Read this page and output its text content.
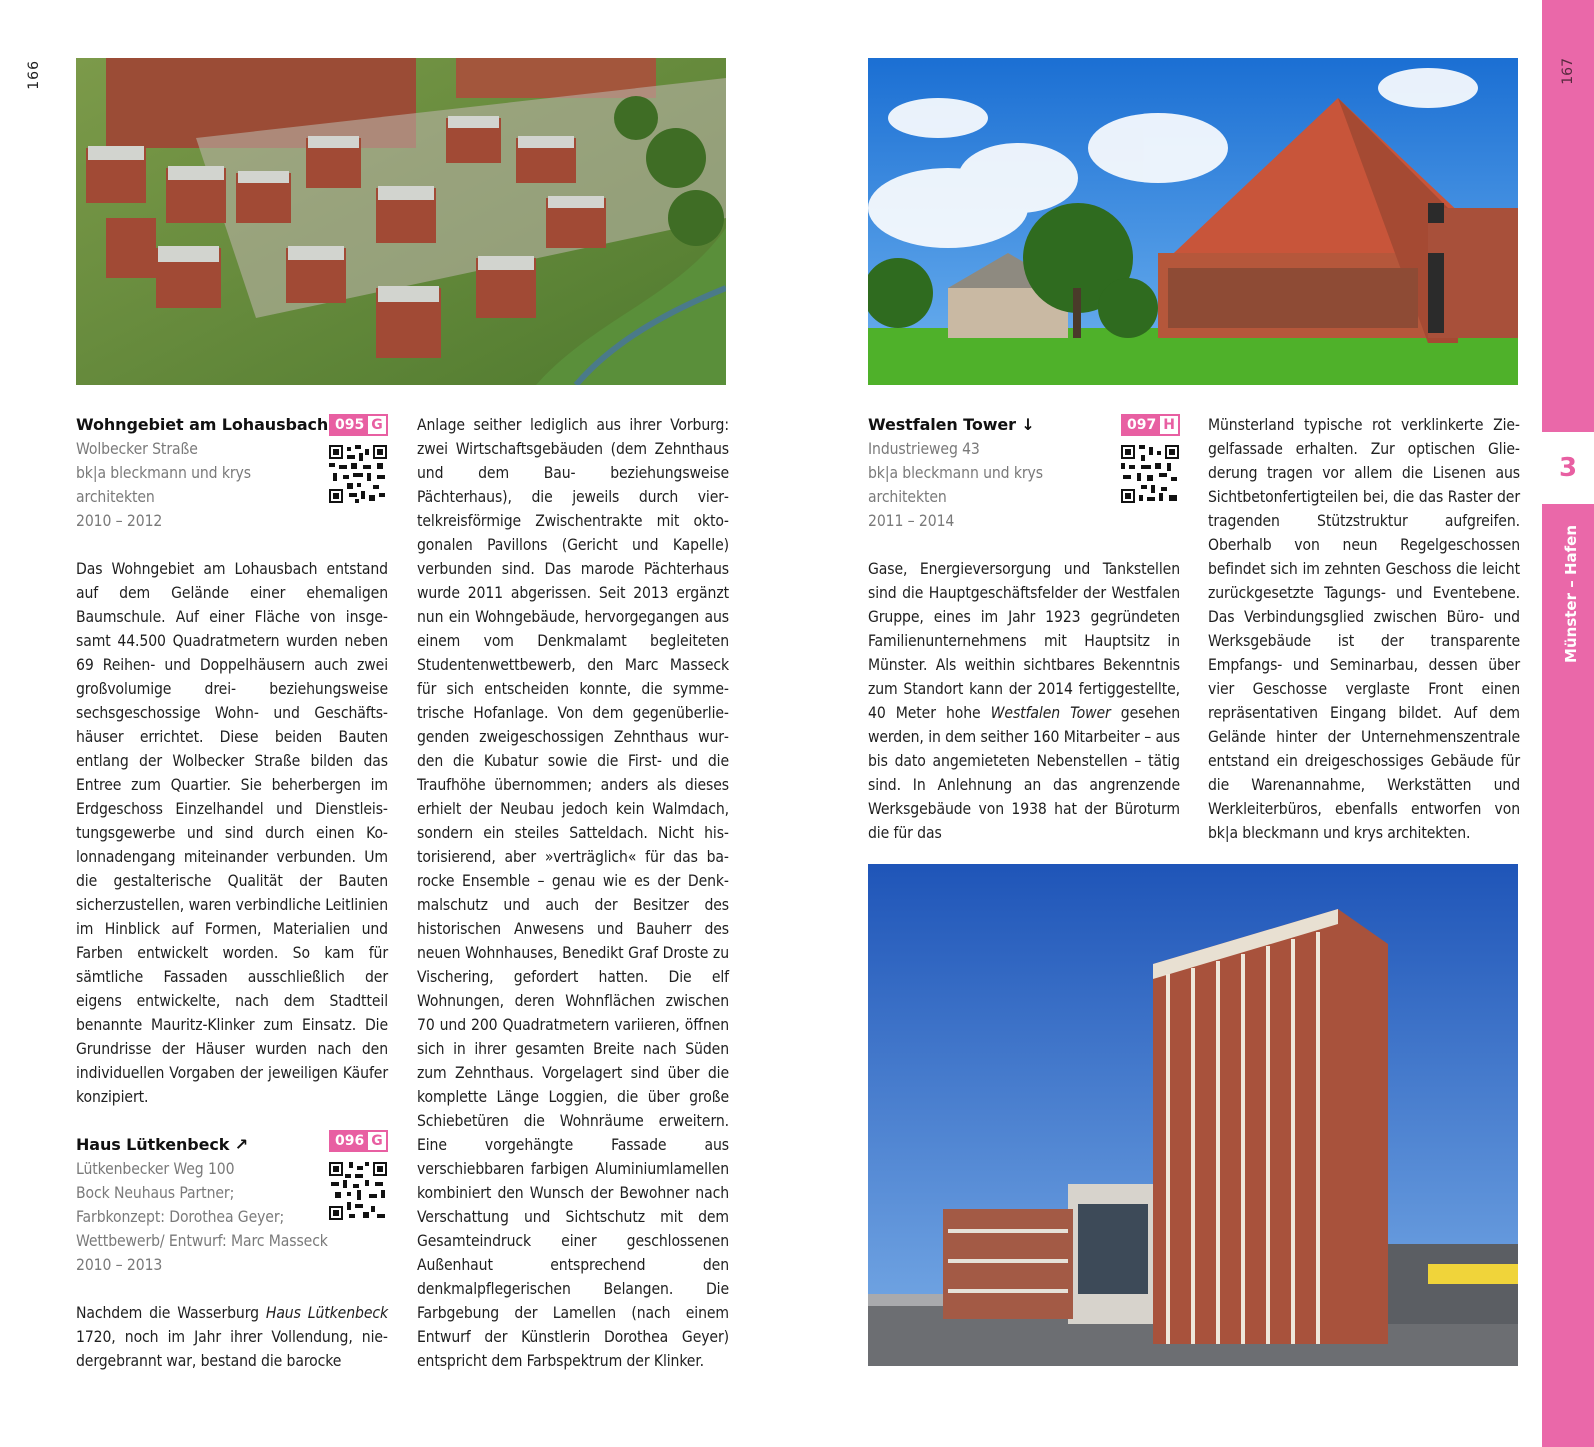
166	167
3
Münster – Hafen
Wohngebiet am Lohausbach
Wolbecker Straße
bk|a bleckmann und krys
architekten
2010 – 2012

Das Wohngebiet am Lohausbach entstand auf dem Gelände einer ehemaligen Baumschule. Auf einer Fläche von insgesamt 44.500 Quadratmetern wurden neben 69 Reihen- und Doppelhäusern auch zwei großvolumige drei- beziehungsweise sechsgeschossige Wohn- und Geschäftshäuser errichtet. Diese beiden Bauten entlang der Wolbecker Straße bilden das Entree zum Quartier. Sie beherbergen im Erdgeschoss Einzelhandel und Dienstleistungsgewerbe und sind durch einen Kolonnadengang miteinander verbunden. Um die gestalterische Qualität der Bauten sicherzustellen, waren verbindliche Leitlinien im Hinblick auf Formen, Materialien und Farben entwickelt worden. So kam für sämtliche Fassaden ausschließlich der eigens entwickelte, nach dem Stadtteil benannte Mauritz-Klinker zum Einsatz. Die Grundrisse der Häuser wurden nach den individuellen Vorgaben der jeweiligen Käufer konzipiert.

Haus Lütkenbeck ↗
Lütkenbecker Weg 100
Bock Neuhaus Partner;
Farbkonzept: Dorothea Geyer;
Wettbewerb/ Entwurf: Marc Masseck
2010 – 2013

Nachdem die Wasserburg Haus Lütkenbeck 1720, noch im Jahr ihrer Vollendung, niedergebrannt war, bestand die barocke

095 G
096 G

Anlage seither lediglich aus ihrer Vorburg: zwei Wirtschaftsgebäuden (dem Zehnthaus und dem Bau- beziehungsweise Pächterhaus), die jeweils durch viertelkreisförmige Zwischentrakte mit oktogonalen Pavillons (Gericht und Kapelle) verbunden sind. Das marode Pächterhaus wurde 2011 abgerissen. Seit 2013 ergänzt nun ein Wohngebäude, hervorgegangen aus einem vom Denkmalamt begleiteten Studentenwettbewerb, den Marc Masseck für sich entscheiden konnte, die symmetrische Hofanlage. Von dem gegenüberliegenden zweigeschossigen Zehnthaus wurden die Kubatur sowie die First- und die Traufhöhe übernommen; anders als dieses erhielt der Neubau jedoch kein Walmdach, sondern ein steiles Satteldach. Nicht historisierend, aber »verträglich« für das barocke Ensemble – genau wie es der Denkmalschutz und auch der Besitzer des historischen Anwesens und Bauherr des neuen Wohnhauses, Benedikt Graf Droste zu Vischering, gefordert hatten. Die elf Wohnungen, deren Wohnflächen zwischen 70 und 200 Quadratmetern variieren, öffnen sich in ihrer gesamten Breite nach Süden zum Zehnthaus. Vorgelagert sind über die komplette Länge Loggien, die über große Schiebetüren die Wohnräume erweitern. Eine vorgehängte Fassade aus verschiebbaren farbigen Aluminiumlamellen kombiniert den Wunsch der Bewohner nach Verschattung und Sichtschutz mit dem Gesamteindruck einer geschlossenen Außenhaut entsprechend den denkmalpflegerischen Belangen. Die Farbgebung der Lamellen (nach einem Entwurf der Künstlerin Dorothea Geyer) entspricht dem Farbspektrum der Klinker.

Westfalen Tower ↓
Industrieweg 43
bk|a bleckmann und krys
architekten
2011 – 2014

Gase, Energieversorgung und Tankstellen sind die Hauptgeschäftsfelder der Westfalen Gruppe, eines im Jahr 1923 gegründeten Familienunternehmens mit Hauptsitz in Münster. Als weithin sichtbares Bekenntnis zum Standort kann der 2014 fertiggestellte, 40 Meter hohe Westfalen Tower gesehen werden, in dem seither 160 Mitarbeiter – aus bis dato angemieteten Nebenstellen – tätig sind. In Anlehnung an das angrenzende Werksgebäude von 1938 hat der Büroturm die für das

097 H Münsterland typische rot verklinkerte Ziegelfassade erhalten. Zur optischen Gliederung tragen vor allem die Lisenen aus Sichtbetonfertigteilen bei, die das Raster der tragenden Stützstruktur aufgreifen. Oberhalb von neun Regelgeschossen befindet sich im zehnten Geschoss die leicht zurückgesetzte Tagungs- und Eventebene. Das Verbindungsglied zwischen Büro- und Werksgebäude ist der transparente Empfangs- und Seminarbau, dessen über vier Geschosse verglaste Front einen repräsentativen Eingang bildet. Auf dem Gelände hinter der Unternehmenszentrale entstand ein dreigeschossiges Gebäude für die Warenannahme, Werkstätten und Werkleiterbüros, ebenfalls entworfen von bk|a bleckmann und krys architekten.
